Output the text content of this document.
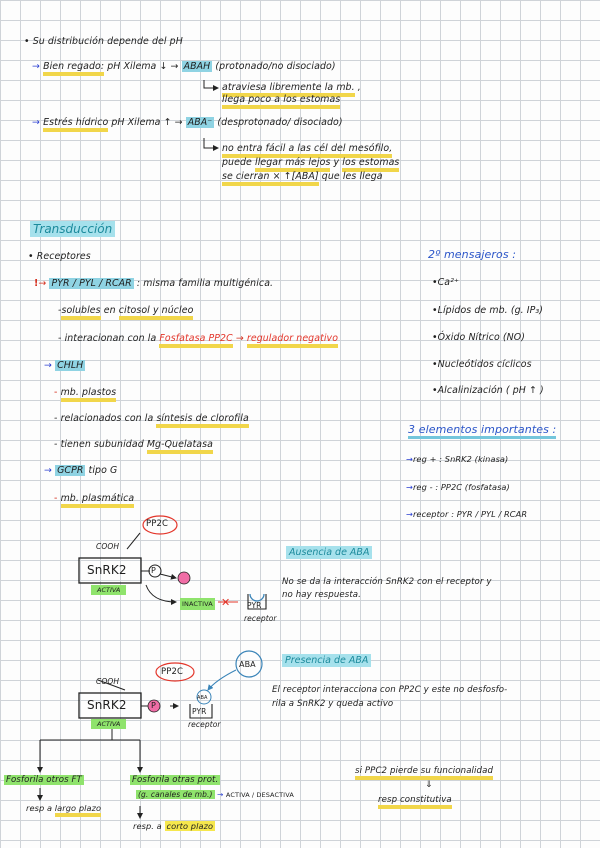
• Su distribución depende del pH
→ Bien regado: pH Xilema ↓ → ABAH (protonado/no disociado)
atraviesa libremente la mb. ,
llega poco a los estomas
→ Estrés hídrico pH Xilema ↑ → ABA⁻ (desprotonado/ disociado)
no entra fácil a las cél del mesófilo,
puede llegar más lejos y los estomas
se cierran × ↑[ABA] que les llega
Transducción
• Receptores
!→ PYR / PYL / RCAR : misma familia multigénica.
-solubles en citosol y núcleo
- interacionan con la Fosfatasa PP2C → regulador negativo
→ CHLH
- mb. plastos
- relacionados con la síntesis de clorofila
- tienen subunidad Mg-Quelatasa
→ GCPR tipo G
- mb. plasmática
2º mensajeros :
•Ca²⁺
•Lípidos de mb. (g. IP₃)
•Óxido Nítrico (NO)
•Nucleótidos cíclicos
•Alcalinización ( pH ↑ )
3 elementos importantes :
→reg + : SnRK2 (kinasa)
→reg - : PP2C (fosfatasa)
→receptor : PYR / PYL / RCAR
✕
PP2C
COOH
SnRK2
ACTIVA
P
INACTIVA	PYR
receptor
Ausencia de ABA
No se da la interacción SnRK2 con el receptor y
no hay respuesta.
PP2C
ABA
ABA
COOH
SnRK2
ACTIVA
P
PYR
receptor
Presencia de ABA
El receptor interacciona con PP2C y este no desfosfo-
rila a SnRK2 y queda activo
Fosforila otros FT
resp a largo plazo
Fosforila otras prot.
(g. canales de mb.) → ACTIVA / DESACTIVA
resp. a corto plazo
si PPC2 pierde su funcionalidad
⇓
resp constitutiva
